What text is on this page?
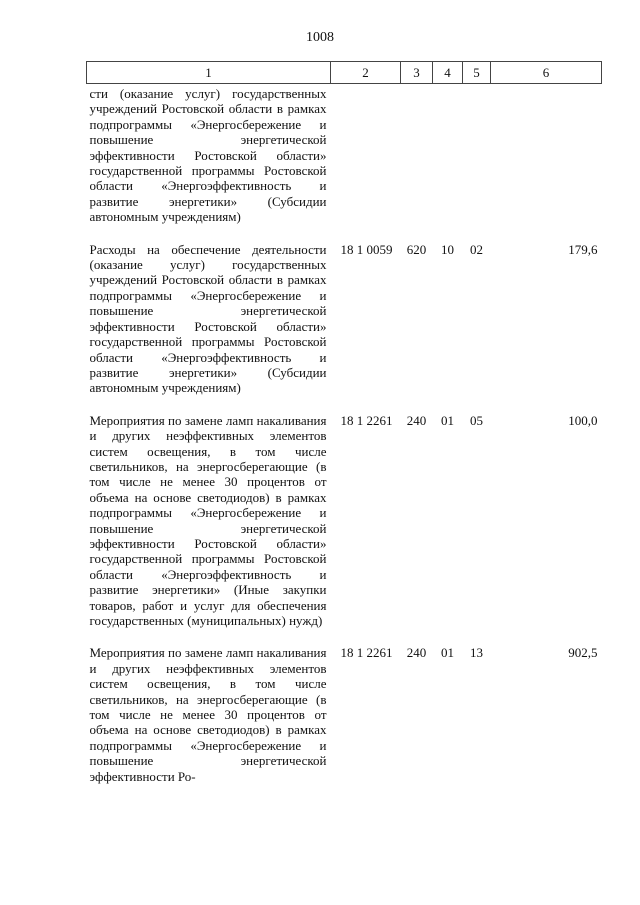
1008
1	2	3	4	5	6
сти (оказание услуг) государственных учреждений Ростовской области в рамках подпрограммы «Энергосбережение и повышение энергетической эффективности Ростовской области» государственной программы Ростовской области «Энергоэффективность и развитие энергетики» (Субсидии автономным учреждениям)					
Расходы на обеспечение деятельности (оказание услуг) государственных учреждений Ростовской области в рамках подпрограммы «Энергосбережение и повышение энергетической эффективности Ростовской области» государственной программы Ростовской области «Энергоэффективность и развитие энергетики» (Субсидии автономным учреждениям)	18 1 0059	620	10	02	179,6
Мероприятия по замене ламп накаливания и других неэффективных элементов систем освещения, в том числе светильников, на энергосберегающие (в том числе не менее 30 процентов от объема на основе светодиодов) в рамках подпрограммы «Энергосбережение и повышение энергетической эффективности Ростовской области» государственной программы Ростовской области «Энергоэффективность и развитие энергетики» (Иные закупки товаров, работ и услуг для обеспечения государственных (муниципальных) нужд)	18 1 2261	240	01	05	100,0
Мероприятия по замене ламп накаливания и других неэффективных элементов систем освещения, в том числе светильников, на энергосберегающие (в том числе не менее 30 процентов от объема на основе светодиодов) в рамках подпрограммы «Энергосбережение и повышение энергетической эффективности Ро-	18 1 2261	240	01	13	902,5
